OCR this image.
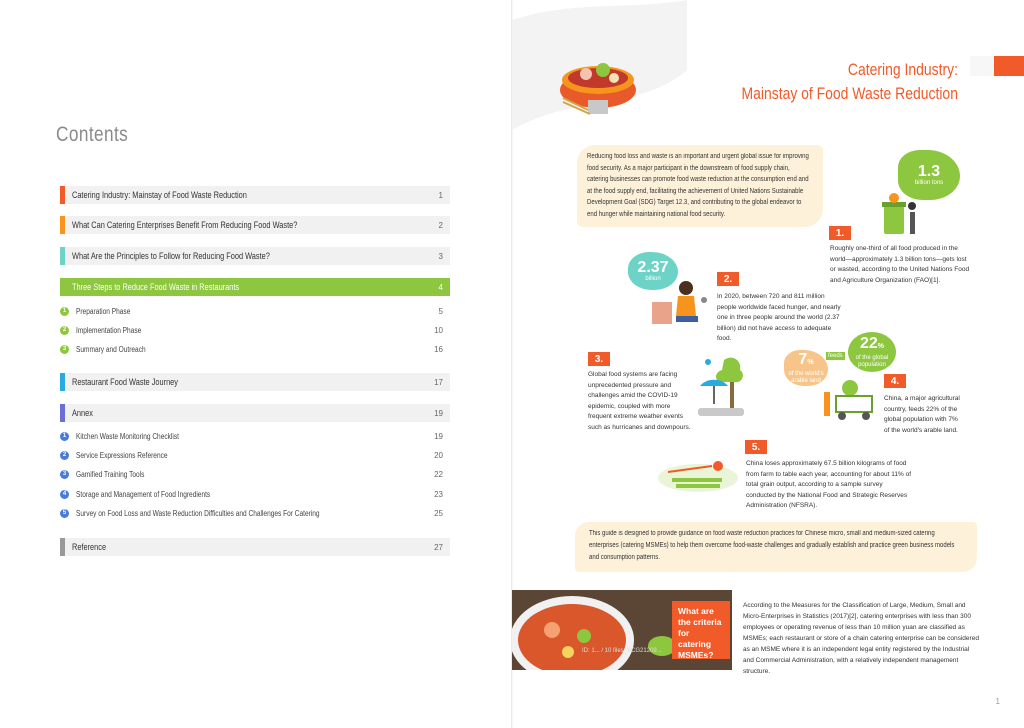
Contents
Catering Industry: Mainstay of Food Waste Reduction	1
What Can Catering Enterprises Benefit From Reducing Food Waste?	2
What Are the Principles to Follow for Reducing Food Waste?	3
Three Steps to Reduce Food Waste in Restaurants	4
1	Preparation Phase	5
2	Implementation Phase	10
3	Summary and Outreach	16
Restaurant Food Waste Journey	17
Annex	19
1	Kitchen Waste Monitoring Checklist	19
2	Service Expressions Reference	20
3	Gamified Training Tools	22
4	Storage and Management of Food Ingredients	23
5	Survey on Food Loss and Waste Reduction Difficulties and Challenges For Catering	25
Reference	27
Catering Industry:
Mainstay of Food Waste Reduction

Reducing food loss and waste is an important and urgent global issue for improving food security. As a major participant in the downstream of food supply chain, catering businesses can promote food waste reduction at the consumption end and at the food supply end, facilitating the achievement of United Nations Sustainable Development Goal (SDG) Target 12.3, and contributing to the global endeavor to end hunger while maintaining national food security.

1.3
billion tons
1.
Roughly one-third of all food produced in the world—approximately 1.3 billion tons—gets lost or wasted, according to the United Nations Food and Agriculture Organization (FAO)[1].
2.37
billion	2.
In 2020, between 720 and 811 million people worldwide faced hunger, and nearly one in three people around the world (2.37 billion) did not have access to adequate food.
3.
Global food systems are facing unprecedented pressure and challenges amid the COVID-19 epidemic, coupled with more frequent extreme weather events such as hurricanes and downpours.
22%
of the global population
feeds
7%
of the world's arable land	4.
China, a major agricultural country, feeds 22% of the global population with 7% of the world's arable land.
5.
China loses approximately 67.5 billion kilograms of food from farm to table each year, accounting for about 11% of total grain output, according to a sample survey conducted by the National Food and Strategic Reserves Administration (NFSRA).

This guide is designed to provide guidance on food waste reduction practices for Chinese micro, small and medium-sized catering enterprises (catering MSMEs) to help them overcome food-waste challenges and gradually establish and practice green business models and consumption patterns.

ID: 1... / 10 files_VCG21209...
What are the criteria for catering MSMEs?
According to the Measures for the Classification of Large, Medium, Small and Micro-Enterprises in Statistics (2017)[2], catering enterprises with less than 300 employees or operating revenue of less than 10 million yuan are classified as MSMEs; each restaurant or store of a chain catering enterprise can be considered as an MSME where it is an independent legal entity registered by the Industrial and Commercial Administration, with a relatively independent management structure.
1
